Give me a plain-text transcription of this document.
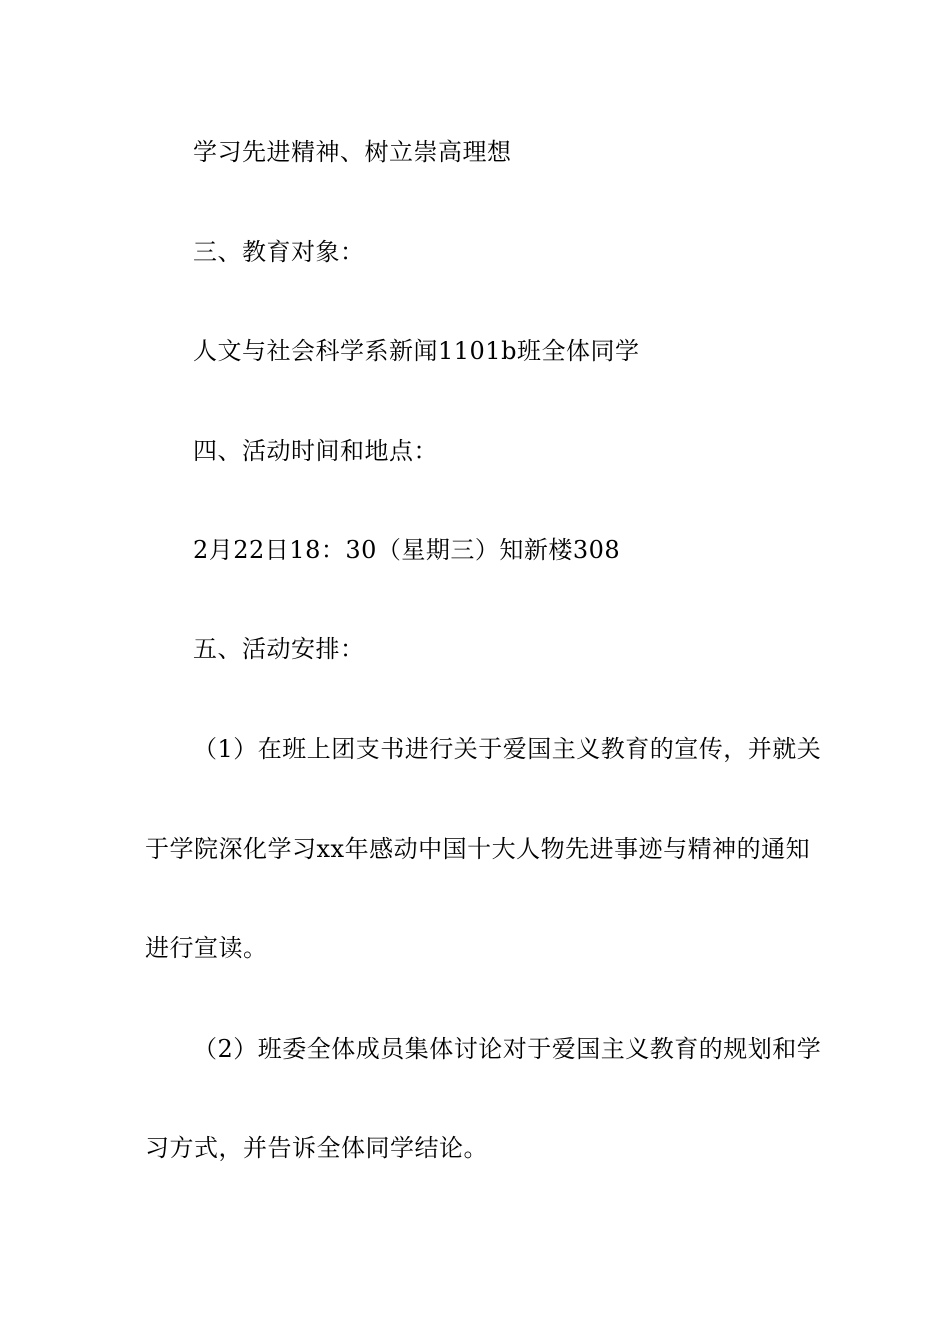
学习先进精神、树立崇高理想

三、教育对象：

人文与社会科学系新闻1101b班全体同学

四、活动时间和地点：

2月22日18：30（星期三）知新楼308

五、活动安排：

（1）在班上团支书进行关于爱国主义教育的宣传，并就关

于学院深化学习xx年感动中国十大人物先进事迹与精神的通知

进行宣读。

（2）班委全体成员集体讨论对于爱国主义教育的规划和学

习方式，并告诉全体同学结论。
